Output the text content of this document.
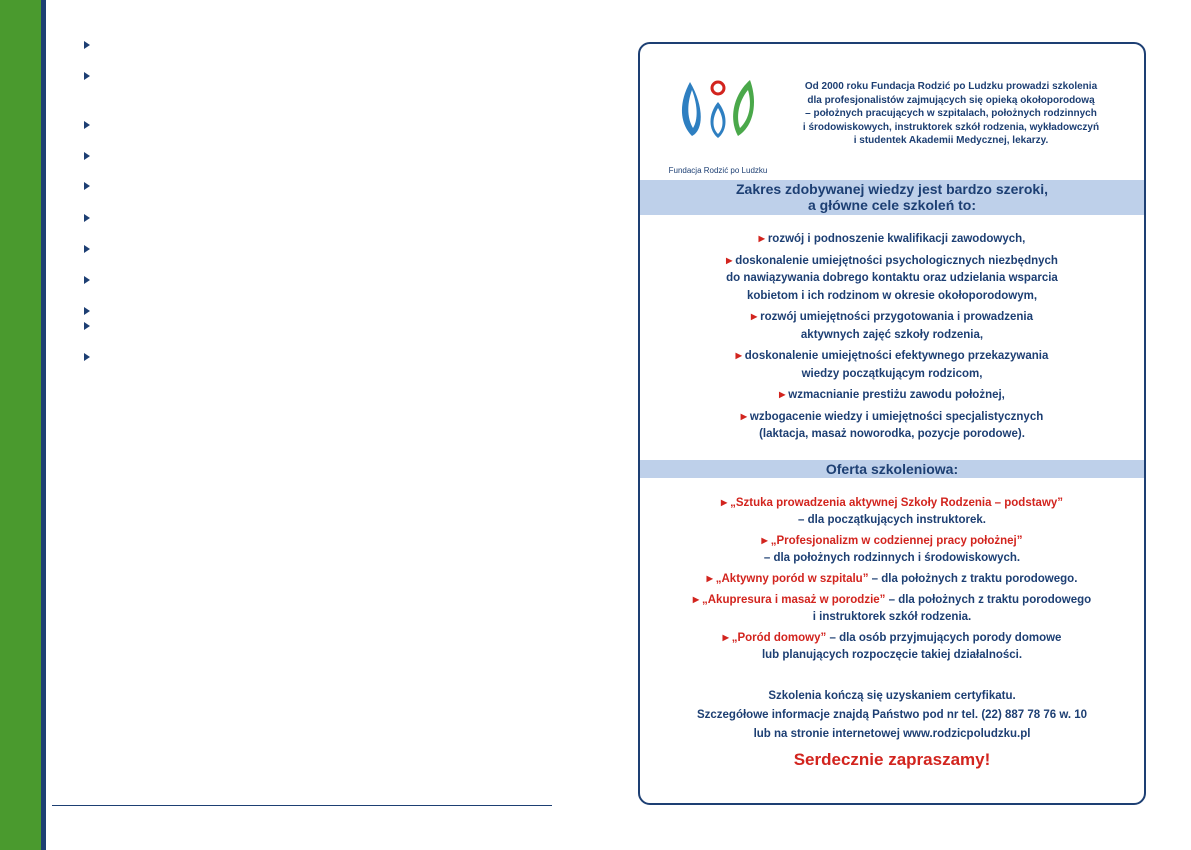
Fundacja Rodzić po Ludzku
Od 2000 roku Fundacja Rodzić po Ludzku prowadzi szkolenia
dla profesjonalistów zajmujących się opieką okołoporodową
– położnych pracujących w szpitalach, położnych rodzinnych
i środowiskowych, instruktorek szkół rodzenia, wykładowczyń
i studentek Akademii Medycznej, lekarzy.
Zakres zdobywanej wiedzy jest bardzo szeroki,
a główne cele szkoleń to:
▶ rozwój i podnoszenie kwalifikacji zawodowych,
▶ doskonalenie umiejętności psychologicznych niezbędnych
do nawiązywania dobrego kontaktu oraz udzielania wsparcia
kobietom i ich rodzinom w okresie okołoporodowym,
▶ rozwój umiejętności przygotowania i prowadzenia
aktywnych zajęć szkoły rodzenia,
▶ doskonalenie umiejętności efektywnego przekazywania
wiedzy początkującym rodzicom,
▶ wzmacnianie prestiżu zawodu położnej,
▶ wzbogacenie wiedzy i umiejętności specjalistycznych
(laktacja, masaż noworodka, pozycje porodowe).
Oferta szkoleniowa:
▶ „Sztuka prowadzenia aktywnej Szkoły Rodzenia – podstawy”
– dla początkujących instruktorek.
▶ „Profesjonalizm w codziennej pracy położnej”
– dla położnych rodzinnych i środowiskowych.
▶ „Aktywny poród w szpitalu” – dla położnych z traktu porodowego.
▶ „Akupresura i masaż w porodzie” – dla położnych z traktu porodowego
i instruktorek szkół rodzenia.
▶ „Poród domowy” – dla osób przyjmujących porody domowe
lub planujących rozpoczęcie takiej działalności.
Szkolenia kończą się uzyskaniem certyfikatu.
Szczegółowe informacje znajdą Państwo pod nr tel. (22) 887 78 76 w. 10
lub na stronie internetowej www.rodzicpoludzku.pl
Serdecznie zapraszamy!
